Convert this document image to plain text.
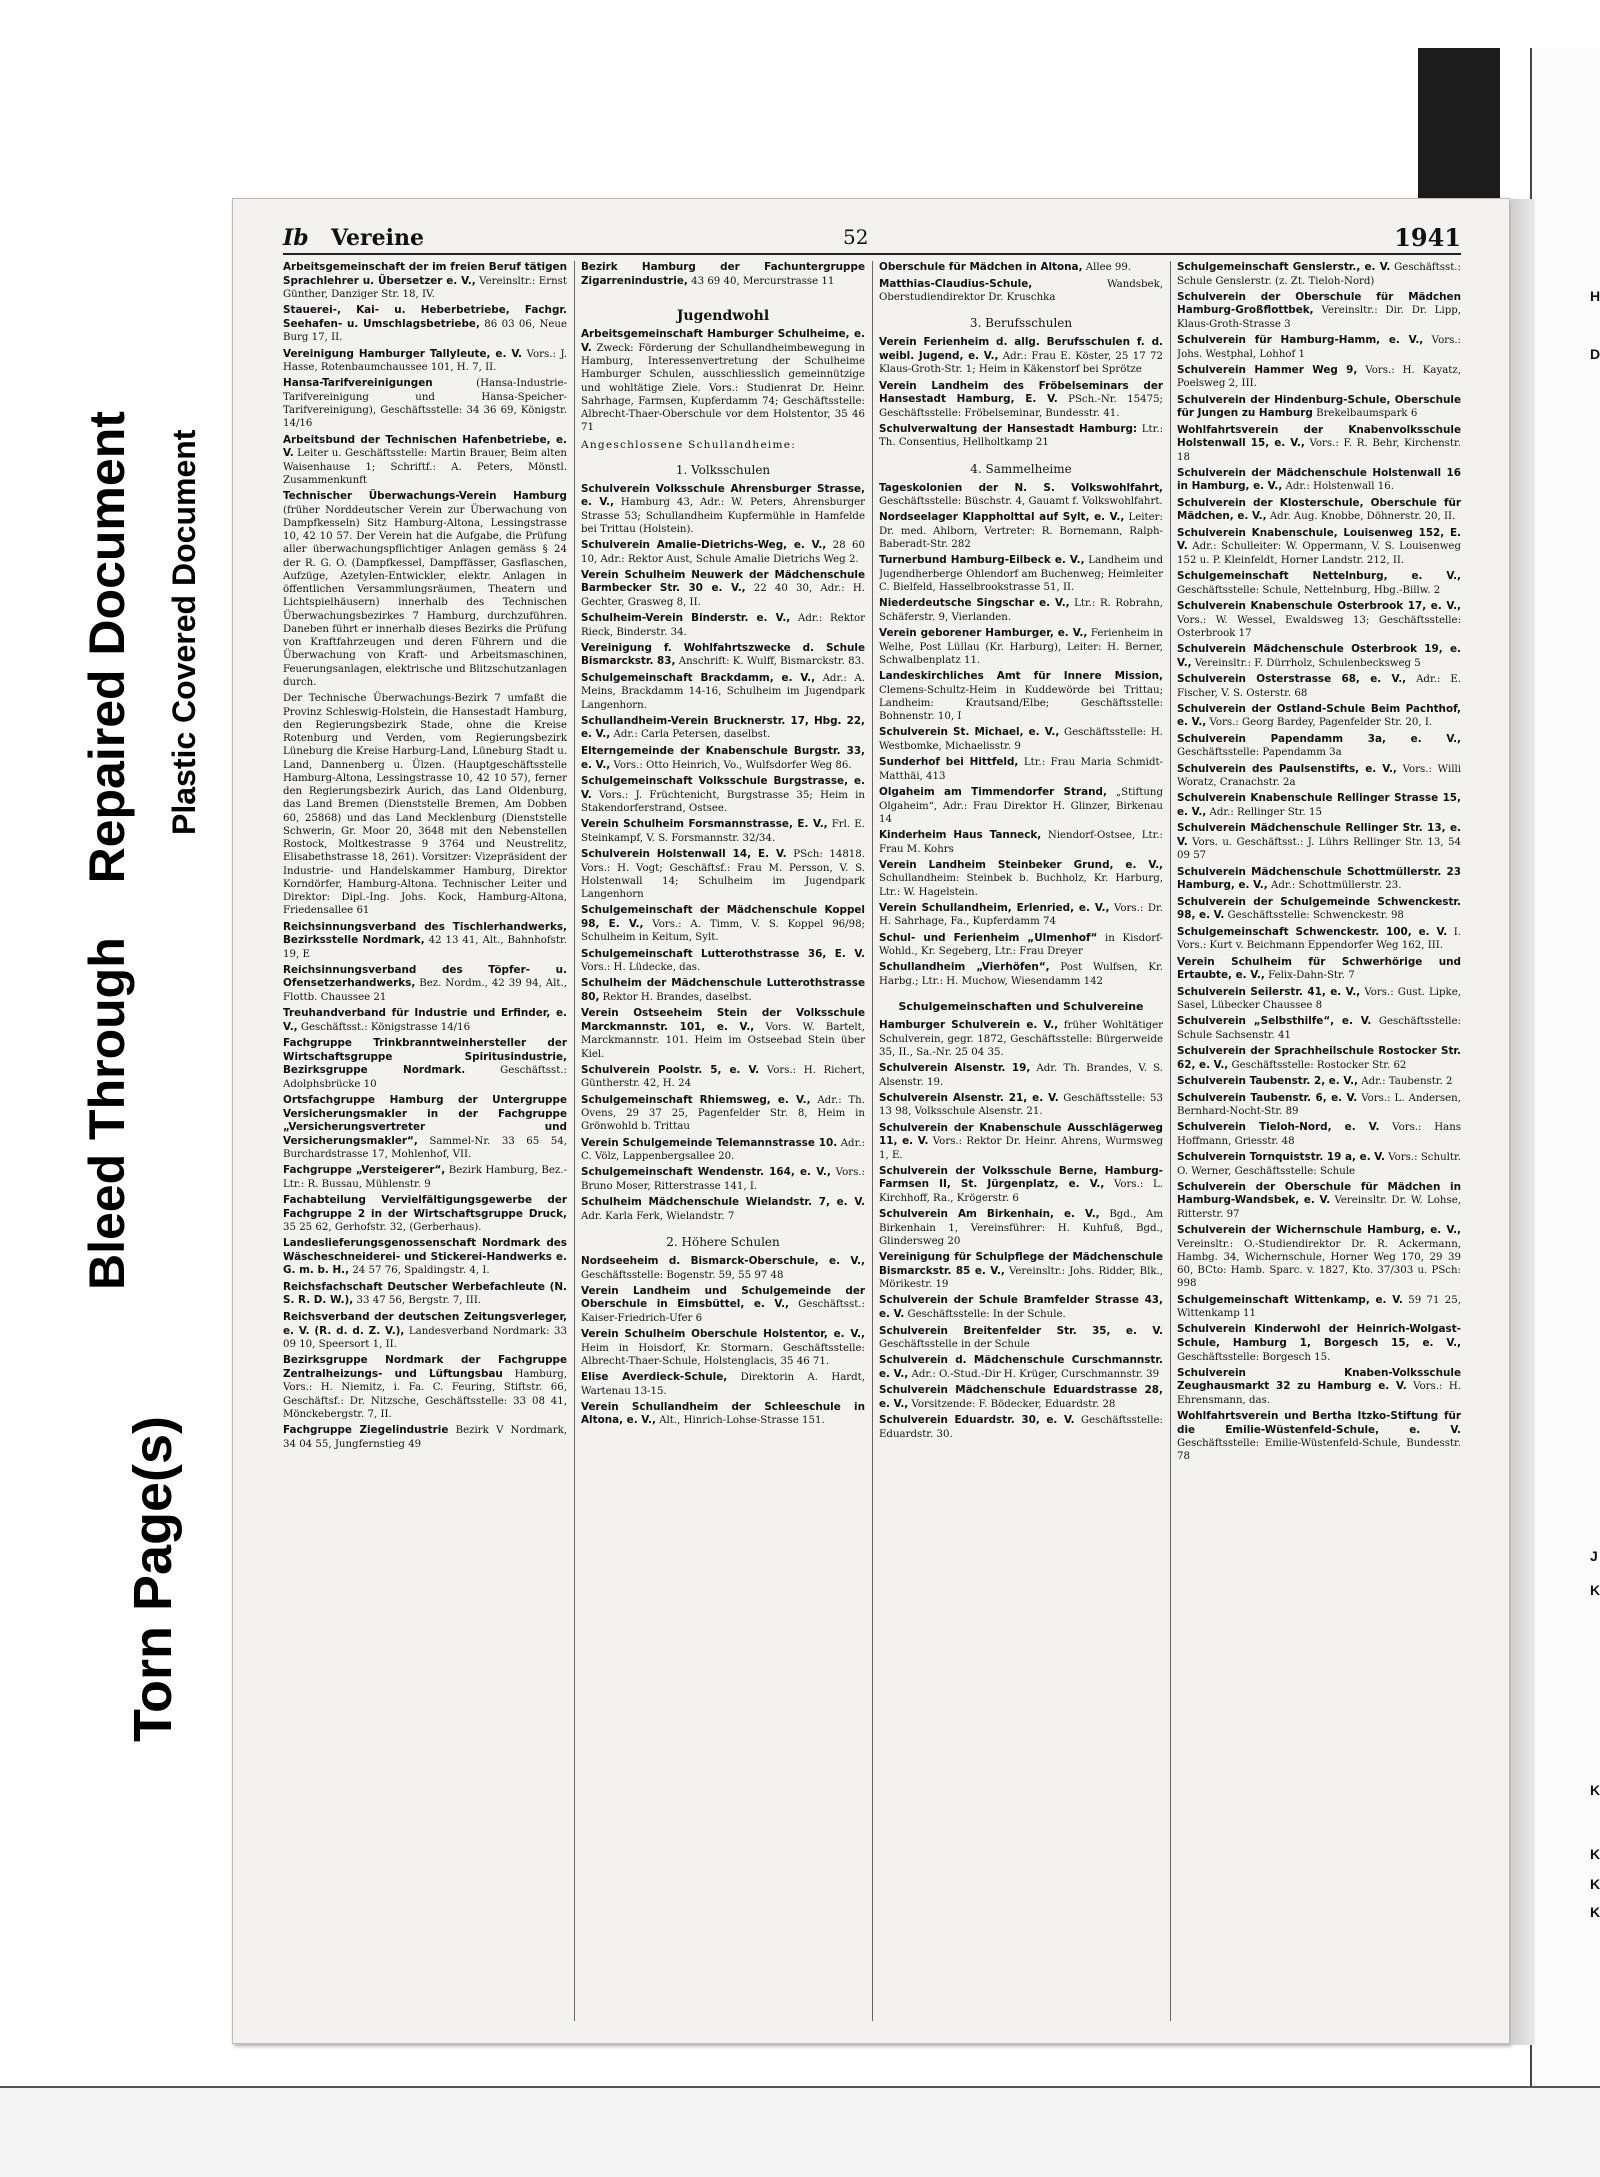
H
D
J
K
K
K
K
K
Bleed Through  Repaired Document Plastic Covered Document
Torn Page(s)
Ib Vereine	52	1941

Arbeitsgemeinschaft der im freien Beruf tätigen Sprachlehrer u. Übersetzer e. V., Vereinsltr.: Ernst Günther, Danziger Str. 18, IV.

Stauerei-, Kai- u. Heberbetriebe, Fachgr. Seehafen- u. Umschlagsbetriebe, 86 03 06, Neue Burg 17, II.

Vereinigung Hamburger Tallyleute, e. V. Vors.: J. Hasse, Rotenbaumchaussee 101, H. 7, II.

Hansa-Tarifvereinigungen	(Hansa-Industrie-Tarifvereinigung und Hansa-Speicher-Tarifvereinigung), Geschäftsstelle: 34 36 69, Königstr. 14/16

Arbeitsbund der Technischen Hafenbetriebe, e. V. Leiter u. Geschäftsstelle: Martin Brauer, Beim alten Waisenhause 1; Schriftf.: A. Peters, Mönstl. Zusammenkunft

Technischer Überwachungs-Verein Hamburg (früher Norddeutscher Verein zur Überwachung von Dampfkesseln) Sitz Hamburg-Altona, Lessingstrasse 10, 42 10 57. Der Verein hat die Aufgabe, die Prüfung aller überwachungspflichtiger Anlagen gemäss § 24 der R. G. O. (Dampfkessel, Dampffässer, Gasflaschen, Aufzüge, Azetylen-Entwickler, elektr. Anlagen in öffentlichen Versammlungsräumen, Theatern und Lichtspielhäusern) innerhalb des Technischen Überwachungsbezirkes 7 Hamburg, durchzuführen. Daneben führt er innerhalb dieses Bezirks die Prüfung von Kraftfahrzeugen und deren Führern und die Überwachung von Kraft- und Arbeitsmaschinen, Feuerungsanlagen, elektrische und Blitzschutzanlagen durch.

Der Technische Überwachungs-Bezirk 7 umfaßt die Provinz Schleswig-Holstein, die Hansestadt Hamburg, den Regierungsbezirk Stade, ohne die Kreise Rotenburg und Verden, vom Regierungsbezirk Lüneburg die Kreise Harburg-Land, Lüneburg Stadt u. Land, Dannenberg u. Ülzen. (Hauptgeschäftsstelle Hamburg-Altona, Lessingstrasse 10, 42 10 57), ferner den Regierungsbezirk Aurich, das Land Oldenburg, das Land Bremen (Dienststelle Bremen, Am Dobben 60, 25868) und das Land Mecklenburg (Dienststelle Schwerin, Gr. Moor 20, 3648 mit den Nebenstellen Rostock, Moltkestrasse 9 3764 und Neustrelitz, Elisabethstrasse 18, 261). Vorsitzer: Vizepräsident der Industrie- und Handelskammer Hamburg, Direktor Korndörfer, Hamburg-Altona. Technischer Leiter und Direktor: Dipl.-Ing. Johs. Kock, Hamburg-Altona, Friedensallee 61

Reichsinnungsverband des Tischlerhandwerks, Bezirksstelle Nordmark, 42 13 41, Alt., Bahnhofstr. 19, E

Reichsinnungsverband des Töpfer- u. Ofensetzerhandwerks, Bez. Nordm., 42 39 94, Alt., Flottb. Chaussee 21

Treuhandverband für Industrie und Erfinder, e. V., Geschäftsst.: Königstrasse 14/16

Fachgruppe Trinkbranntweinhersteller der Wirtschaftsgruppe Spiritusindustrie, Bezirksgruppe Nordmark.	Geschäftsst.: Adolphsbrücke 10

Ortsfachgruppe Hamburg der Untergruppe Versicherungsmakler in der Fachgruppe „Versicherungsvertreter und Versicherungsmakler“, Sammel-Nr. 33 65 54, Burchardstrasse 17, Mohlenhof, VII.

Fachgruppe „Versteigerer“, Bezirk Hamburg, Bez.-Ltr.: R. Bussau, Mühlenstr. 9

Fachabteilung Vervielfältigungsgewerbe der Fachgruppe 2 in der Wirtschaftsgruppe Druck, 35 25 62, Gerhofstr. 32, (Gerberhaus).

Landeslieferungsgenossenschaft Nordmark des Wäscheschneiderei- und Stickerei-Handwerks e. G. m. b. H., 24 57 76, Spaldingstr. 4, I.

Reichsfachschaft Deutscher Werbefachleute (N. S. R. D. W.), 33 47 56, Bergstr. 7, III.

Reichsverband der deutschen Zeitungsverleger, e. V. (R. d. d. Z. V.), Landesverband Nordmark: 33 09 10, Speersort 1, II.

Bezirksgruppe Nordmark der Fachgruppe Zentralheizungs- und Lüftungsbau Hamburg, Vors.: H. Niemitz, i. Fa. C. Feuring, Stiftstr. 66, Geschäftsf.: Dr. Nitzsche, Geschäftsstelle: 33 08 41, Mönckebergstr. 7, II.

Fachgruppe Ziegelindustrie Bezirk V Nordmark, 34 04 55, Jungfernstieg 49

Bezirk Hamburg der Fachuntergruppe Zigarrenindustrie, 43 69 40, Mercurstrasse 11

Jugendwohl

Arbeitsgemeinschaft Hamburger Schulheime, e. V. Zweck: Förderung der Schullandheimbewegung in Hamburg, Interessenvertretung der Schulheime Hamburger Schulen, ausschliesslich gemeinnützige und wohltätige Ziele. Vors.: Studienrat Dr. Heinr. Sahrhage, Farmsen, Kupferdamm 74; Geschäftsstelle: Albrecht-Thaer-Oberschule vor dem Holstentor, 35 46 71

Angeschlossene Schullandheime:
1. Volksschulen

Schulverein Volksschule Ahrensburger Strasse, e. V., Hamburg 43, Adr.: W. Peters, Ahrensburger Strasse 53; Schullandheim Kupfermühle in Hamfelde bei Trittau (Holstein).

Schulverein Amalie-Dietrichs-Weg, e. V., 28 60 10, Adr.: Rektor Aust, Schule Amalie Dietrichs Weg 2.

Verein Schulheim Neuwerk der Mädchenschule Barmbecker Str. 30 e. V., 22 40 30, Adr.: H. Gechter, Grasweg 8, II.

Schulheim-Verein Binderstr. e. V., Adr.: Rektor Rieck, Binderstr. 34.

Vereinigung f. Wohlfahrtszwecke d. Schule Bismarckstr. 83, Anschrift: K. Wulff, Bismarckstr. 83.

Schulgemeinschaft Brackdamm, e. V., Adr.: A. Meins, Brackdamm 14-16, Schulheim im Jugendpark Langenhorn.

Schullandheim-Verein Brucknerstr. 17, Hbg. 22, e. V., Adr.: Carla Petersen, daselbst.

Elterngemeinde der Knabenschule Burgstr. 33, e. V., Vors.: Otto Heinrich, Vo., Wulfsdorfer Weg 86.

Schulgemeinschaft Volksschule Burgstrasse, e. V. Vors.: J. Früchtenicht, Burgstrasse 35; Heim in Stakendorferstrand, Ostsee.

Verein Schulheim Forsmannstrasse, E. V., Frl. E. Steinkampf, V. S. Forsmannstr. 32/34.

Schulverein Holstenwall 14, E. V. PSch: 14818. Vors.: H. Vogt; Geschäftsf.: Frau M. Persson, V. S. Holstenwall 14; Schulheim im Jugendpark Langenhorn

Schulgemeinschaft der Mädchenschule Koppel 98, E. V., Vors.: A. Timm, V. S. Koppel 96/98; Schulheim in Keitum, Sylt.

Schulgemeinschaft Lutterothstrasse 36, E. V. Vors.: H. Lüdecke, das.

Schulheim der Mädchenschule Lutterothstrasse 80, Rektor H. Brandes, daselbst.

Verein Ostseeheim Stein der Volksschule Marckmannstr. 101, e. V., Vors. W. Bartelt, Marckmannstr. 101. Heim im Ostseebad Stein über Kiel.

Schulverein Poolstr. 5, e. V. Vors.: H. Richert, Güntherstr. 42, H. 24

Schulgemeinschaft Rhiemsweg, e. V., Adr.: Th. Ovens, 29 37 25, Pagenfelder Str. 8, Heim in Grönwohld b. Trittau

Verein Schulgemeinde Telemannstrasse 10. Adr.: C. Völz, Lappenbergsallee 20.

Schulgemeinschaft Wendenstr. 164, e. V., Vors.: Bruno Moser, Ritterstrasse 141, I.

Schulheim Mädchenschule Wielandstr. 7, e. V. Adr. Karla Ferk, Wielandstr. 7

2. Höhere Schulen

Nordseeheim d. Bismarck-Oberschule, e. V., Geschäftsstelle: Bogenstr. 59, 55 97 48

Verein Landheim und Schulgemeinde der Oberschule in Eimsbüttel, e. V., Geschäftsst.: Kaiser-Friedrich-Ufer 6

Verein Schulheim Oberschule Holstentor, e. V., Heim in Hoisdorf, Kr. Stormarn. Geschäftsstelle: Albrecht-Thaer-Schule, Holstenglacis, 35 46 71.

Elise Averdieck-Schule, Direktorin A. Hardt, Wartenau 13-15.

Verein Schullandheim der Schleeschule in Altona, e. V., Alt., Hinrich-Lohse-Strasse 151.

Oberschule für Mädchen in Altona, Allee 99.

Matthias-Claudius-Schule,	Wandsbek, Oberstudiendirektor Dr. Kruschka

3. Berufsschulen

Verein Ferienheim d. allg. Berufsschulen f. d. weibl. Jugend, e. V., Adr.: Frau E. Köster, 25 17 72 Klaus-Groth-Str. 1; Heim in Käkenstorf bei Sprötze

Verein Landheim des Fröbelseminars der Hansestadt Hamburg, E. V. PSch.-Nr. 15475; Geschäftsstelle: Fröbelseminar, Bundesstr. 41.

Schulverwaltung der Hansestadt Hamburg: Ltr.: Th. Consentius, Hellholtkamp 21

4. Sammelheime

Tageskolonien der N. S. Volkswohlfahrt, Geschäftsstelle: Büschstr. 4, Gauamt f. Volkswohlfahrt.

Nordseelager Klappholttal auf Sylt, e. V., Leiter: Dr. med. Ahlborn, Vertreter: R. Bornemann, Ralph-Baberadt-Str. 282

Turnerbund Hamburg-Eilbeck e. V., Landheim und Jugendherberge Ohlendorf am Buchenweg; Heimleiter C. Bielfeld, Hasselbrookstrasse 51, II.

Niederdeutsche Singschar e. V., Ltr.: R. Robrahn, Schäferstr. 9, Vierlanden.

Verein geborener Hamburger, e. V., Ferienheim in Welhe, Post Lüllau (Kr. Harburg), Leiter: H. Berner, Schwalbenplatz 11.

Landeskirchliches Amt für Innere Mission, Clemens-Schultz-Heim in Kuddewörde bei Trittau; Landheim: Krautsand/Elbe; Geschäftsstelle: Bohnenstr. 10, I

Schulverein St. Michael, e. V., Geschäftsstelle: H. Westbomke, Michaelisstr. 9

Sunderhof bei Hittfeld, Ltr.: Frau Maria Schmidt-Matthäi, 413

Olgaheim am Timmendorfer Strand, „Stiftung Olgaheim“, Adr.: Frau Direktor H. Glinzer, Birkenau 14

Kinderheim Haus Tanneck, Niendorf-Ostsee, Ltr.: Frau M. Kohrs

Verein Landheim Steinbeker Grund, e. V., Schullandheim: Steinbek b. Buchholz, Kr. Harburg, Ltr.: W. Hagelstein.

Verein Schullandheim, Erlenried, e. V., Vors.: Dr. H. Sahrhage, Fa., Kupferdamm 74

Schul- und Ferienheim „Ulmenhof“ in Kisdorf-Wohld., Kr. Segeberg, Ltr.: Frau Dreyer

Schullandheim „Vierhöfen“, Post Wulfsen, Kr. Harbg.; Ltr.: H. Muchow, Wiesendamm 142

Schulgemeinschaften und Schulvereine

Hamburger Schulverein e. V., früher Wohltätiger Schulverein, gegr. 1872, Geschäftsstelle: Bürgerweide 35, II., Sa.-Nr. 25 04 35.

Schulverein Alsenstr. 19, Adr. Th. Brandes, V. S. Alsenstr. 19.

Schulverein Alsenstr. 21, e. V. Geschäftsstelle: 53 13 98, Volksschule Alsenstr. 21.

Schulverein der Knabenschule Ausschlägerweg 11, e. V. Vors.: Rektor Dr. Heinr. Ahrens, Wurmsweg 1, E.

Schulverein der Volksschule Berne, Hamburg-Farmsen II, St. Jürgenplatz, e. V., Vors.: L. Kirchhoff, Ra., Krögerstr. 6

Schulverein Am Birkenhain, e. V., Bgd., Am Birkenhain 1, Vereinsführer: H. Kuhfuß, Bgd., Glindersweg 20

Vereinigung für Schulpflege der Mädchenschule Bismarckstr. 85 e. V., Vereinsltr.: Johs. Ridder, Blk., Mörikestr. 19

Schulverein der Schule Bramfelder Strasse 43, e. V. Geschäftsstelle: In der Schule.

Schulverein Breitenfelder Str. 35, e. V. Geschäftsstelle in der Schule

Schulverein d. Mädchenschule Curschmannstr. e. V., Adr.: O.-Stud.-Dir H. Krüger, Curschmannstr. 39

Schulverein Mädchenschule Eduardstrasse 28, e. V., Vorsitzende: F. Bödecker, Eduardstr. 28

Schulverein Eduardstr. 30, e. V. Geschäftsstelle: Eduardstr. 30.

Schulgemeinschaft Genslerstr., e. V. Geschäftsst.: Schule Genslerstr. (z. Zt. Tieloh-Nord)

Schulverein der Oberschule für Mädchen Hamburg-Großflottbek, Vereinsltr.: Dir. Dr. Lipp, Klaus-Groth-Strasse 3

Schulverein für Hamburg-Hamm, e. V., Vors.: Johs. Westphal, Lohhof 1

Schulverein Hammer Weg 9, Vors.: H. Kayatz, Poelsweg 2, III.

Schulverein der Hindenburg-Schule, Oberschule für Jungen zu Hamburg Brekelbaumspark 6

Wohlfahrtsverein der Knabenvolksschule Holstenwall 15, e. V., Vors.: F. R. Behr, Kirchenstr. 18

Schulverein der Mädchenschule Holstenwall 16 in Hamburg, e. V., Adr.: Holstenwall 16.

Schulverein der Klosterschule, Oberschule für Mädchen, e. V., Adr. Aug. Knobbe, Döhnerstr. 20, II.

Schulverein Knabenschule, Louisenweg 152, E. V. Adr.: Schulleiter: W. Oppermann, V. S. Louisenweg 152 u. P. Kleinfeldt, Horner Landstr. 212, II.

Schulgemeinschaft Nettelnburg, e. V., Geschäftsstelle: Schule, Nettelnburg, Hbg.-Billw. 2

Schulverein Knabenschule Osterbrook 17, e. V., Vors.: W. Wessel, Ewaldsweg 13; Geschäftsstelle: Osterbrook 17

Schulverein Mädchenschule Osterbrook 19, e. V., Vereinsltr.: F. Dürrholz, Schulenbecksweg 5

Schulverein Osterstrasse 68, e. V., Adr.: E. Fischer, V. S. Osterstr. 68

Schulverein der Ostland-Schule Beim Pachthof, e. V., Vors.: Georg Bardey, Pagenfelder Str. 20, I.

Schulverein Papendamm 3a, e. V., Geschäftsstelle: Papendamm 3a

Schulverein des Paulsenstifts, e. V., Vors.: Willi Woratz, Cranachstr. 2a

Schulverein Knabenschule Rellinger Strasse 15, e. V., Adr.: Rellinger Str. 15

Schulverein Mädchenschule Rellinger Str. 13, e. V. Vors. u. Geschäftsst.: J. Lührs Rellinger Str. 13, 54 09 57

Schulverein Mädchenschule Schottmüllerstr. 23 Hamburg, e. V., Adr.: Schottmüllerstr. 23.

Schulverein der Schulgemeinde Schwenckestr. 98, e. V. Geschäftsstelle: Schwenckestr. 98

Schulgemeinschaft Schwenckestr. 100, e. V. I. Vors.: Kurt v. Beichmann Eppendorfer Weg 162, III.

Verein Schulheim für Schwerhörige und Ertaubte, e. V., Felix-Dahn-Str. 7

Schulverein Seilerstr. 41, e. V., Vors.: Gust. Lipke, Sasel, Lübecker Chaussee 8

Schulverein „Selbsthilfe“, e. V. Geschäftsstelle: Schule Sachsenstr. 41

Schulverein der Sprachheilschule Rostocker Str. 62, e. V., Geschäftsstelle: Rostocker Str. 62

Schulverein Taubenstr. 2, e. V., Adr.: Taubenstr. 2

Schulverein Taubenstr. 6, e. V. Vors.: L. Andersen, Bernhard-Nocht-Str. 89

Schulverein Tieloh-Nord, e. V. Vors.: Hans Hoffmann, Griesstr. 48

Schulverein Tornquiststr. 19 a, e. V. Vors.: Schultr. O. Werner, Geschäftsstelle: Schule

Schulverein der Oberschule für Mädchen in Hamburg-Wandsbek, e. V. Vereinsltr. Dr. W. Lohse, Ritterstr. 97

Schulverein der Wichernschule Hamburg, e. V., Vereinsltr.: O.-Studiendirektor Dr. R. Ackermann, Hambg. 34, Wichernschule, Horner Weg 170, 29 39 60, BCto: Hamb. Sparc. v. 1827, Kto. 37/303 u. PSch: 998

Schulgemeinschaft Wittenkamp, e. V. 59 71 25, Wittenkamp 11

Schulverein Kinderwohl der Heinrich-Wolgast-Schule, Hamburg 1, Borgesch 15, e. V., Geschäftsstelle: Borgesch 15.

Schulverein Knaben-Volksschule Zeughausmarkt 32 zu Hamburg e. V. Vors.: H. Ehrensmann, das.

Wohlfahrtsverein und Bertha Itzko-Stiftung für die Emilie-Wüstenfeld-Schule, e. V. Geschäftsstelle: Emilie-Wüstenfeld-Schule, Bundesstr. 78
